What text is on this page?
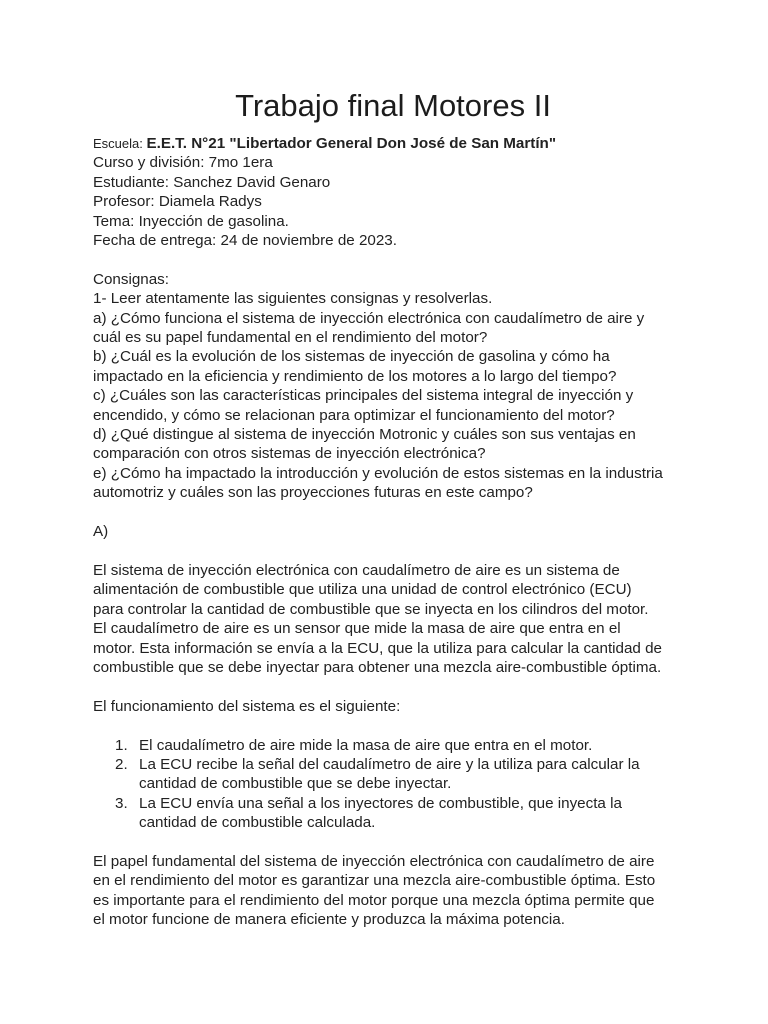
Trabajo final Motores II
Escuela: E.E.T. N°21 "Libertador General Don José de San Martín"
Curso y división: 7mo 1era
Estudiante: Sanchez David Genaro
Profesor: Diamela Radys
Tema: Inyección de gasolina.
Fecha de entrega: 24 de noviembre de 2023.
Consignas:
1- Leer atentamente las siguientes consignas y resolverlas.
a) ¿Cómo funciona el sistema de inyección electrónica con caudalímetro de aire y
cuál es su papel fundamental en el rendimiento del motor?
b) ¿Cuál es la evolución de los sistemas de inyección de gasolina y cómo ha
impactado en la eficiencia y rendimiento de los motores a lo largo del tiempo?
c) ¿Cuáles son las características principales del sistema integral de inyección y
encendido, y cómo se relacionan para optimizar el funcionamiento del motor?
d) ¿Qué distingue al sistema de inyección Motronic y cuáles son sus ventajas en
comparación con otros sistemas de inyección electrónica?
e) ¿Cómo ha impactado la introducción y evolución de estos sistemas en la industria
automotriz y cuáles son las proyecciones futuras en este campo?
A)
El sistema de inyección electrónica con caudalímetro de aire es un sistema de
alimentación de combustible que utiliza una unidad de control electrónico (ECU)
para controlar la cantidad de combustible que se inyecta en los cilindros del motor.
El caudalímetro de aire es un sensor que mide la masa de aire que entra en el
motor. Esta información se envía a la ECU, que la utiliza para calcular la cantidad de
combustible que se debe inyectar para obtener una mezcla aire-combustible óptima.
El funcionamiento del sistema es el siguiente:
1. El caudalímetro de aire mide la masa de aire que entra en el motor.
2. La ECU recibe la señal del caudalímetro de aire y la utiliza para calcular la
cantidad de combustible que se debe inyectar.
3. La ECU envía una señal a los inyectores de combustible, que inyecta la
cantidad de combustible calculada.
El papel fundamental del sistema de inyección electrónica con caudalímetro de aire
en el rendimiento del motor es garantizar una mezcla aire-combustible óptima. Esto
es importante para el rendimiento del motor porque una mezcla óptima permite que
el motor funcione de manera eficiente y produzca la máxima potencia.
